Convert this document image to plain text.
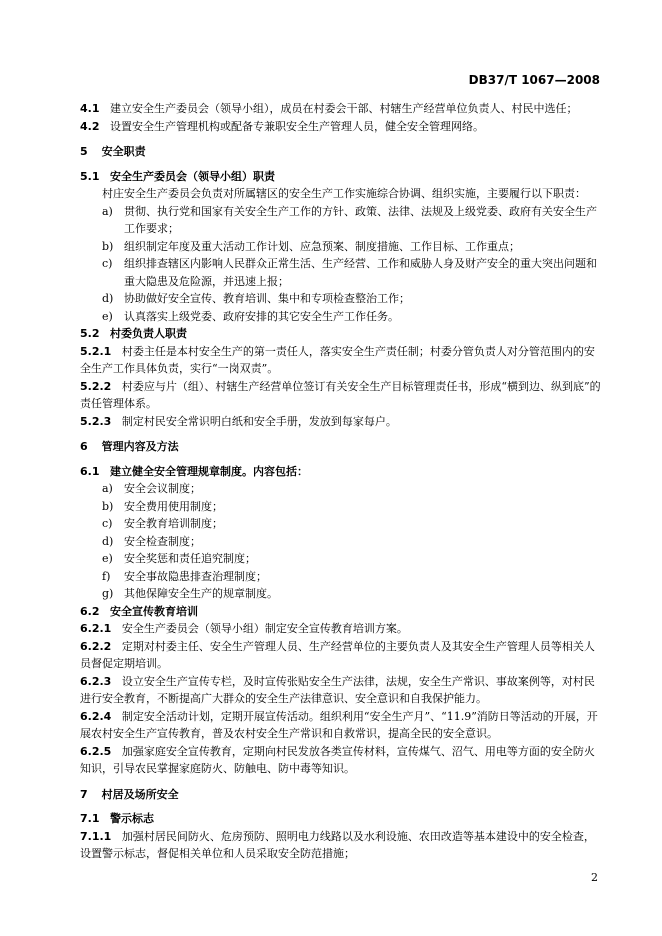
DB37/T 1067—2008

4.1 建立安全生产委员会（领导小组），成员在村委会干部、村辖生产经营单位负责人、村民中选任；

4.2 设置安全生产管理机构或配备专兼职安全生产管理人员，健全安全管理网络。

5 安全职责

5.1 安全生产委员会（领导小组）职责

村庄安全生产委员会负责对所属辖区的安全生产工作实施综合协调、组织实施，主要履行以下职责：

a)	贯彻、执行党和国家有关安全生产工作的方针、政策、法律、法规及上级党委、政府有关安全生产工作要求；
b) 组织制定年度及重大活动工作计划、应急预案、制度措施、工作目标、工作重点；
c)	组织排查辖区内影响人民群众正常生活、生产经营、工作和威胁人身及财产安全的重大突出问题和重大隐患及危险源，并迅速上报；
d) 协助做好安全宣传、教育培训、集中和专项检查整治工作；
e)	认真落实上级党委、政府安排的其它安全生产工作任务。

5.2 村委负责人职责

5.2.1 村委主任是本村安全生产的第一责任人，落实安全生产责任制；村委分管负责人对分管范围内的安全生产工作具体负责，实行“一岗双责”。

5.2.2 村委应与片（组）、村辖生产经营单位签订有关安全生产目标管理责任书，形成“横到边、纵到底”的责任管理体系。

5.2.3 制定村民安全常识明白纸和安全手册，发放到每家每户。

6 管理内容及方法

6.1 建立健全安全管理规章制度。内容包括：

a)	安全会议制度；
b) 安全费用使用制度；
c)	安全教育培训制度；
d) 安全检查制度；
e)	安全奖惩和责任追究制度；
f)	安全事故隐患排查治理制度；
g) 其他保障安全生产的规章制度。

6.2 安全宣传教育培训

6.2.1 安全生产委员会（领导小组）制定安全宣传教育培训方案。

6.2.2 定期对村委主任、安全生产管理人员、生产经营单位的主要负责人及其安全生产管理人员等相关人员督促定期培训。

6.2.3 设立安全生产宣传专栏，及时宣传张贴安全生产法律，法规，安全生产常识、事故案例等，对村民进行安全教育，不断提高广大群众的安全生产法律意识、安全意识和自我保护能力。

6.2.4 制定安全活动计划，定期开展宣传活动。组织利用“安全生产月”、“11.9”消防日等活动的开展，开展农村安全生产宣传教育，普及农村安全生产常识和自救常识，提高全民的安全意识。

6.2.5 加强家庭安全宣传教育，定期向村民发放各类宣传材料，宣传煤气、沼气、用电等方面的安全防火知识，引导农民掌握家庭防火、防触电、防中毒等知识。

7 村居及场所安全

7.1 警示标志

7.1.1 加强村居民间防火、危房预防、照明电力线路以及水利设施、农田改造等基本建设中的安全检查，设置警示标志，督促相关单位和人员采取安全防范措施；

2
